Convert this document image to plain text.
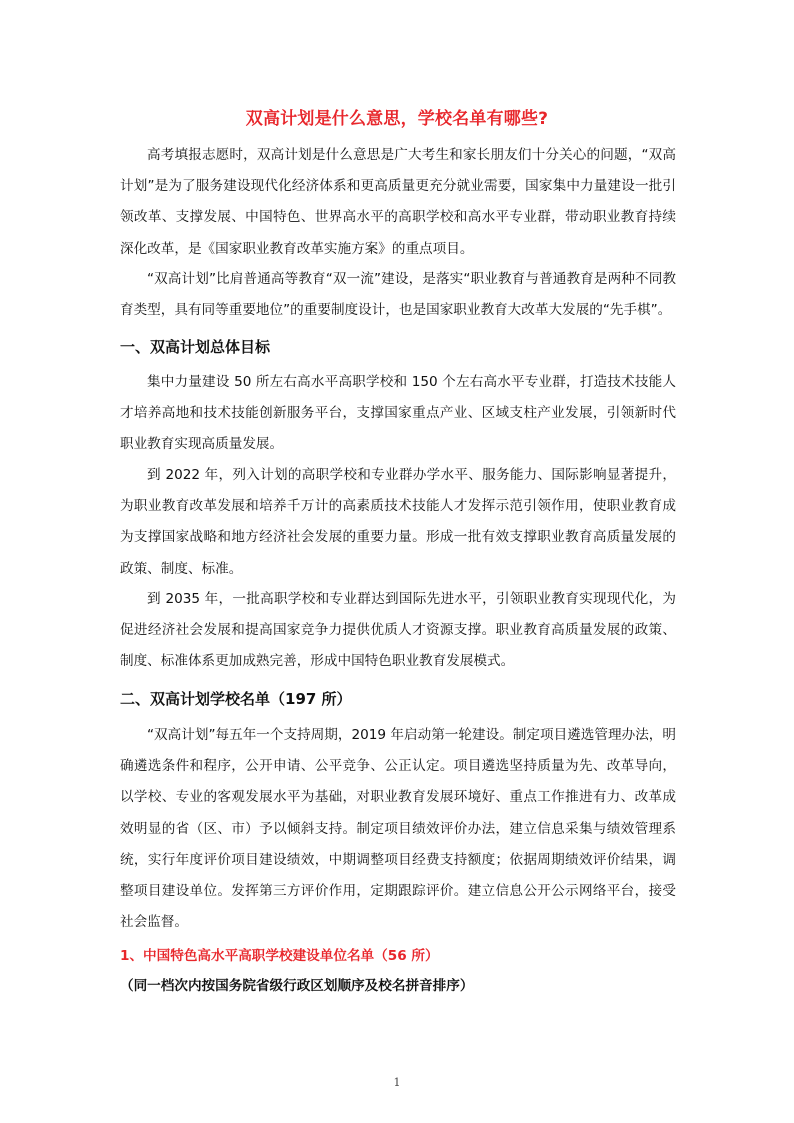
双高计划是什么意思，学校名单有哪些?

高考填报志愿时，双高计划是什么意思是广大考生和家长朋友们十分关心的问题，“双高计划”是为了服务建设现代化经济体系和更高质量更充分就业需要，国家集中力量建设一批引领改革、支撑发展、中国特色、世界高水平的高职学校和高水平专业群，带动职业教育持续深化改革，是《国家职业教育改革实施方案》的重点项目。

“双高计划”比肩普通高等教育“双一流”建设，是落实“职业教育与普通教育是两种不同教育类型，具有同等重要地位”的重要制度设计，也是国家职业教育大改革大发展的“先手棋”。

一、双高计划总体目标

集中力量建设 50 所左右高水平高职学校和 150 个左右高水平专业群，打造技术技能人才培养高地和技术技能创新服务平台，支撑国家重点产业、区域支柱产业发展，引领新时代职业教育实现高质量发展。

到 2022 年，列入计划的高职学校和专业群办学水平、服务能力、国际影响显著提升，为职业教育改革发展和培养千万计的高素质技术技能人才发挥示范引领作用，使职业教育成为支撑国家战略和地方经济社会发展的重要力量。形成一批有效支撑职业教育高质量发展的政策、制度、标准。

到 2035 年，一批高职学校和专业群达到国际先进水平，引领职业教育实现现代化，为促进经济社会发展和提高国家竞争力提供优质人才资源支撑。职业教育高质量发展的政策、制度、标准体系更加成熟完善，形成中国特色职业教育发展模式。

二、双高计划学校名单（197 所）

“双高计划”每五年一个支持周期，2019 年启动第一轮建设。制定项目遴选管理办法，明确遴选条件和程序，公开申请、公平竞争、公正认定。项目遴选坚持质量为先、改革导向，以学校、专业的客观发展水平为基础，对职业教育发展环境好、重点工作推进有力、改革成效明显的省（区、市）予以倾斜支持。制定项目绩效评价办法，建立信息采集与绩效管理系统，实行年度评价项目建设绩效，中期调整项目经费支持额度；依据周期绩效评价结果，调整项目建设单位。发挥第三方评价作用，定期跟踪评价。建立信息公开公示网络平台，接受社会监督。

1、中国特色高水平高职学校建设单位名单（56 所）
（同一档次内按国务院省级行政区划顺序及校名拼音排序）
1
